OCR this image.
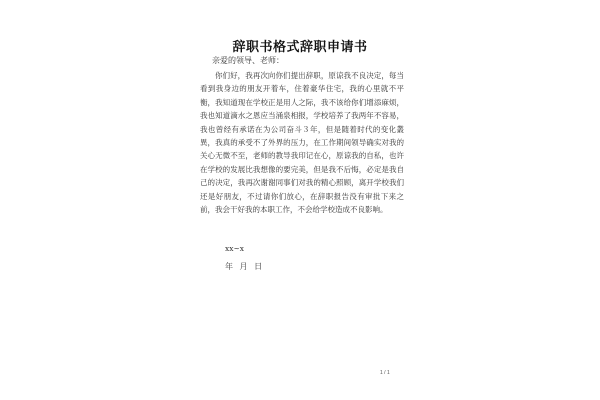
辞职书格式辞职申请书
亲爱的领导、老师：

你们好，我再次向你们提出辞职，原谅我不良决定，每当看到我身边的朋友开着车，住着豪华住宅，我的心里就不平衡，我知道现在学校正是用人之际，我不该给你们增添麻烦，我也知道滴水之恩应当涌泉相报，学校培养了我两年不容易，我也曾经有承诺在为公司奋斗３年，但是随着时代的变化叢異，我真的承受不了外界的压力，在工作期间领导确实对我的关心无微不至，老师的教导我印记在心，原谅我的自私，也许在学校的发展比我想像的要完美，但是我不后悔，必定是我自己的决定，我再次谢谢同事们对我的精心照顾，离开学校我们还是好朋友，不过请你们放心，在辞职报告没有审批下来之前，我会干好我的本职工作，不会给学校造成不良影响。

xx~x
年 月 日
1 / 1
